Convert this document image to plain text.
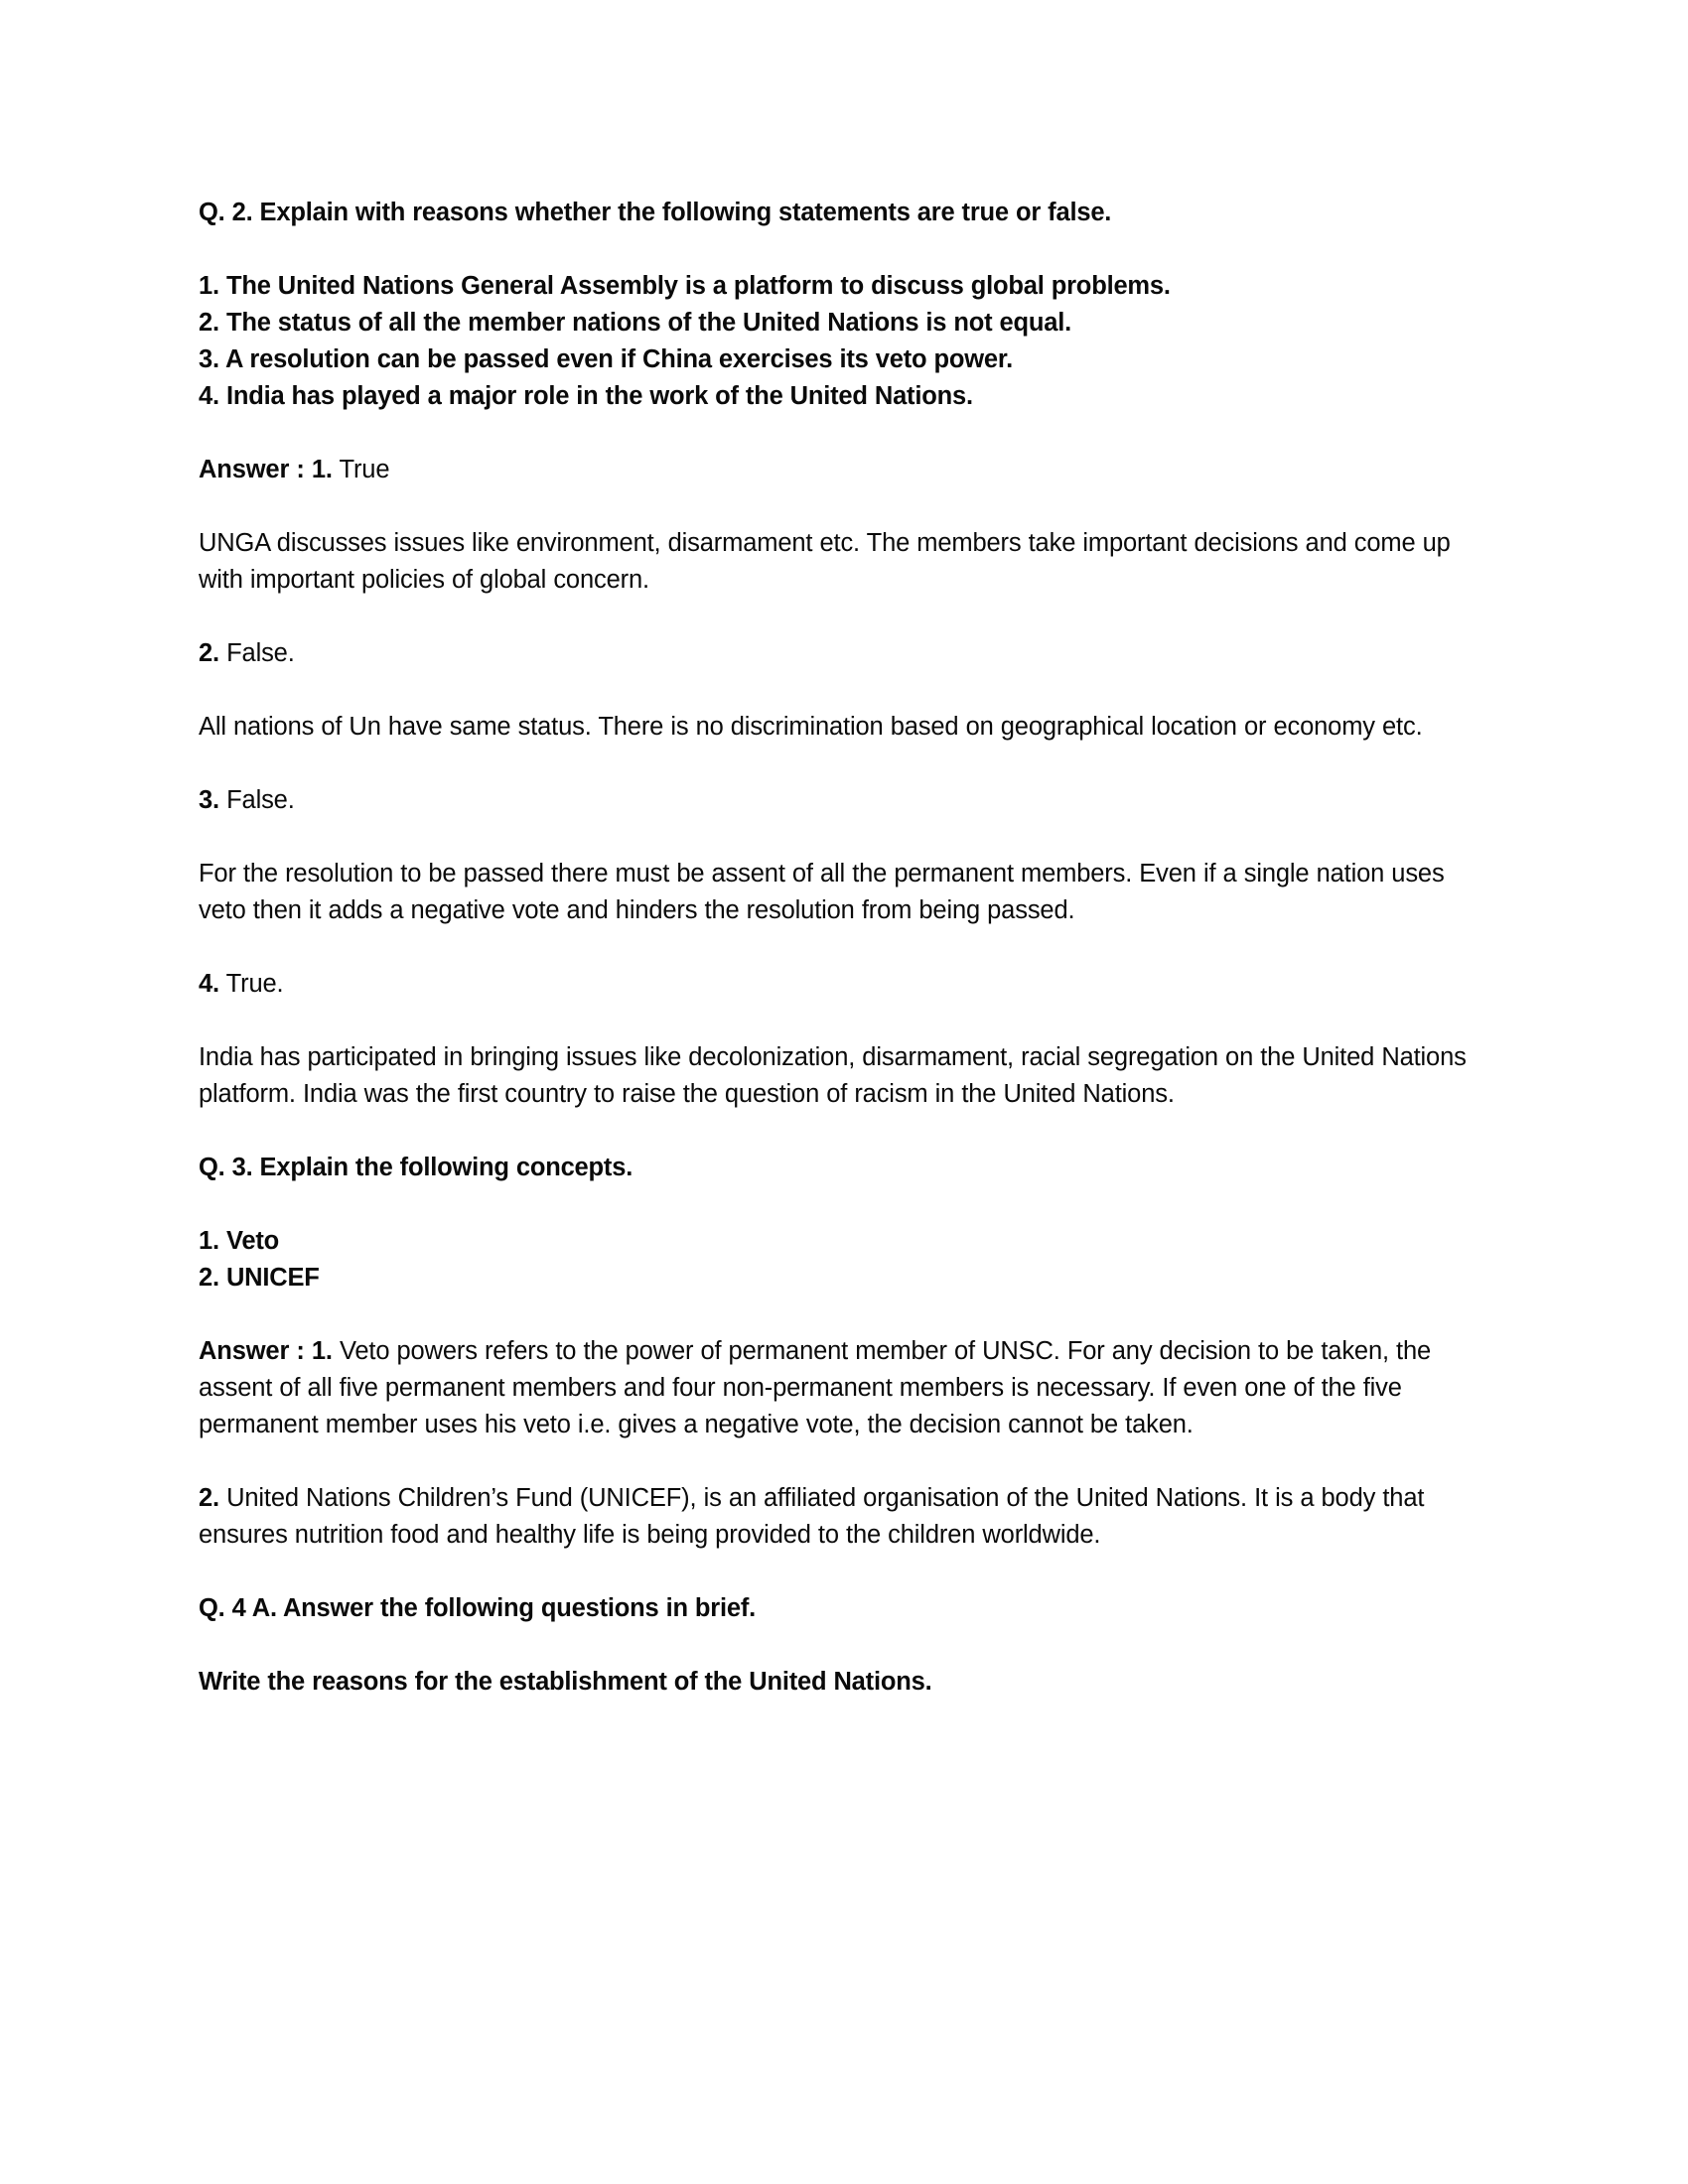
Q. 2. Explain with reasons whether the following statements are true or false.

1. The United Nations General Assembly is a platform to discuss global problems.

2. The status of all the member nations of the United Nations is not equal.

3. A resolution can be passed even if China exercises its veto power.

4. India has played a major role in the work of the United Nations.

Answer : 1. True

UNGA discusses issues like environment, disarmament etc. The members take important decisions and come up with important policies of global concern.

2. False.

All nations of Un have same status. There is no discrimination based on geographical location or economy etc.

3. False.

For the resolution to be passed there must be assent of all the permanent members. Even if a single nation uses veto then it adds a negative vote and hinders the resolution from being passed.

4. True.

India has participated in bringing issues like decolonization, disarmament, racial segregation on the United Nations platform. India was the first country to raise the question of racism in the United Nations.

Q. 3. Explain the following concepts.

1. Veto

2. UNICEF

Answer : 1. Veto powers refers to the power of permanent member of UNSC. For any decision to be taken, the assent of all five permanent members and four non-permanent members is necessary. If even one of the five permanent member uses his veto i.e. gives a negative vote, the decision cannot be taken.

2. United Nations Children’s Fund (UNICEF), is an affiliated organisation of the United Nations. It is a body that ensures nutrition food and healthy life is being provided to the children worldwide.

Q. 4 A. Answer the following questions in brief.

Write the reasons for the establishment of the United Nations.
